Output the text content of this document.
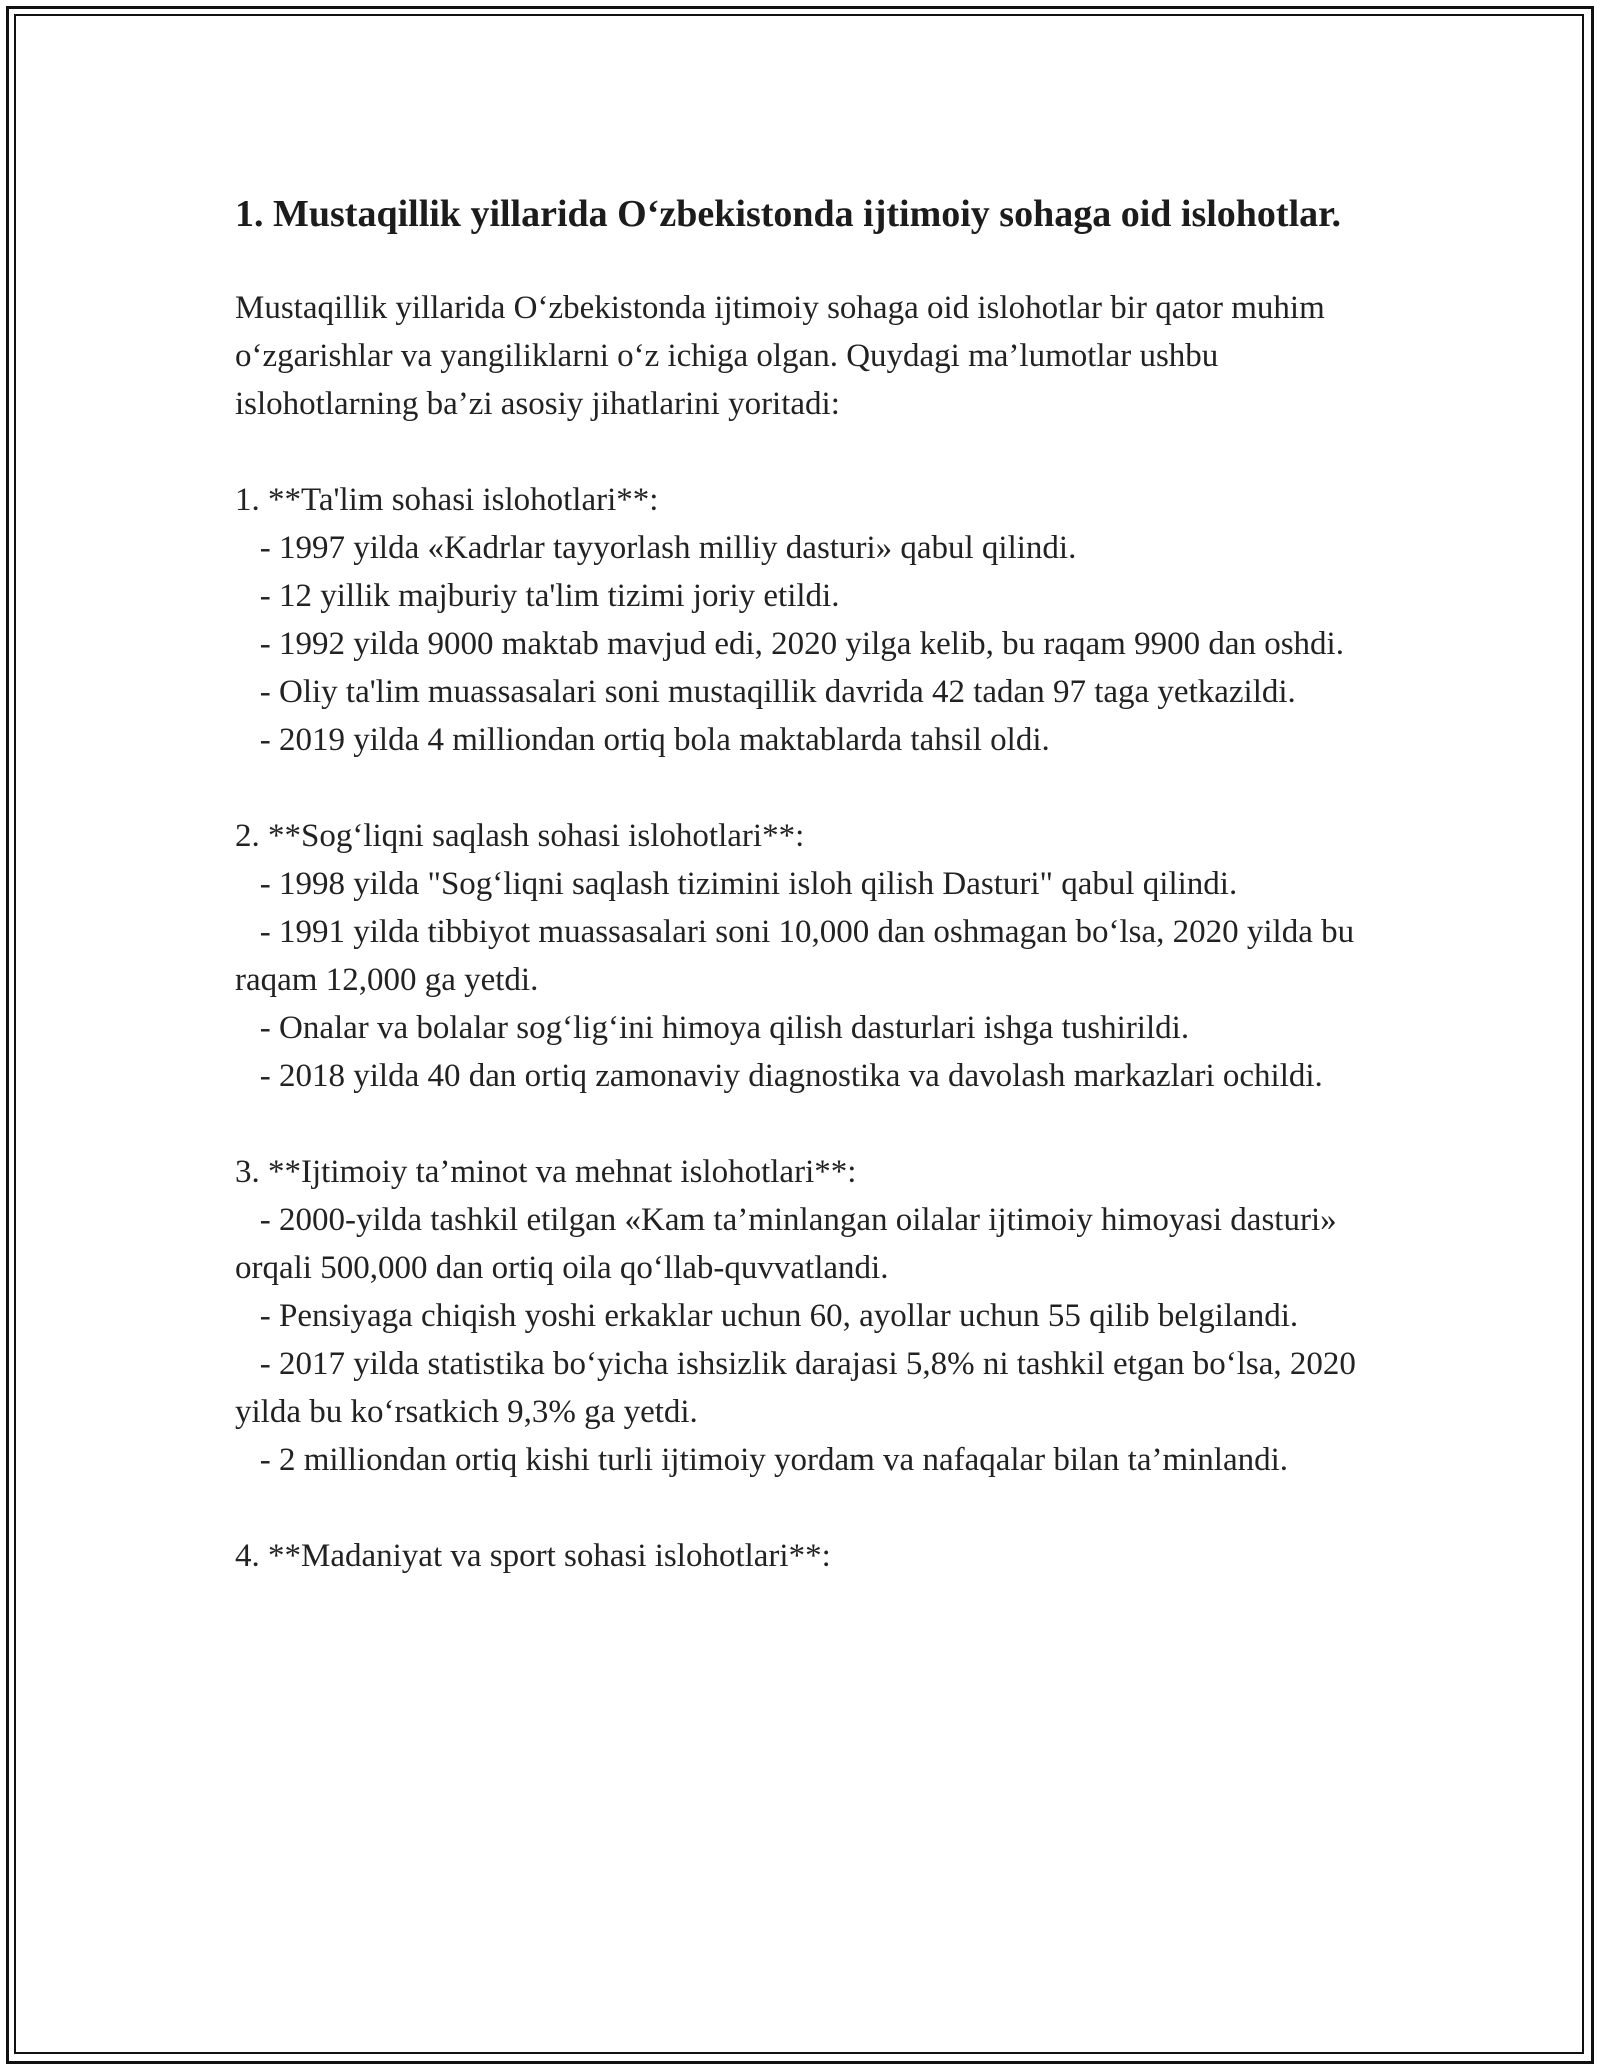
1. Mustaqillik yillarida O‘zbekistonda ijtimoiy sohaga oid islohotlar.

Mustaqillik yillarida O‘zbekistonda ijtimoiy sohaga oid islohotlar bir qator muhim o‘zgarishlar va yangiliklarni o‘z ichiga olgan. Quydagi ma’lumotlar ushbu islohotlarning ba’zi asosiy jihatlarini yoritadi:

1. **Ta'lim sohasi islohotlari**:

- 1997 yilda «Kadrlar tayyorlash milliy dasturi» qabul qilindi.

- 12 yillik majburiy ta'lim tizimi joriy etildi.

- 1992 yilda 9000 maktab mavjud edi, 2020 yilga kelib, bu raqam 9900 dan oshdi.

- Oliy ta'lim muassasalari soni mustaqillik davrida 42 tadan 97 taga yetkazildi.

- 2019 yilda 4 milliondan ortiq bola maktablarda tahsil oldi.

2. **Sog‘liqni saqlash sohasi islohotlari**:

- 1998 yilda "Sog‘liqni saqlash tizimini isloh qilish Dasturi" qabul qilindi.

- 1991 yilda tibbiyot muassasalari soni 10,000 dan oshmagan bo‘lsa, 2020 yilda bu raqam 12,000 ga yetdi.

- Onalar va bolalar sog‘lig‘ini himoya qilish dasturlari ishga tushirildi.

- 2018 yilda 40 dan ortiq zamonaviy diagnostika va davolash markazlari ochildi.

3. **Ijtimoiy ta’minot va mehnat islohotlari**:

- 2000-yilda tashkil etilgan «Kam ta’minlangan oilalar ijtimoiy himoyasi dasturi» orqali 500,000 dan ortiq oila qo‘llab-quvvatlandi.

- Pensiyaga chiqish yoshi erkaklar uchun 60, ayollar uchun 55 qilib belgilandi.

- 2017 yilda statistika bo‘yicha ishsizlik darajasi 5,8% ni tashkil etgan bo‘lsa, 2020 yilda bu ko‘rsatkich 9,3% ga yetdi.

- 2 milliondan ortiq kishi turli ijtimoiy yordam va nafaqalar bilan ta’minlandi.

4. **Madaniyat va sport sohasi islohotlari**:
